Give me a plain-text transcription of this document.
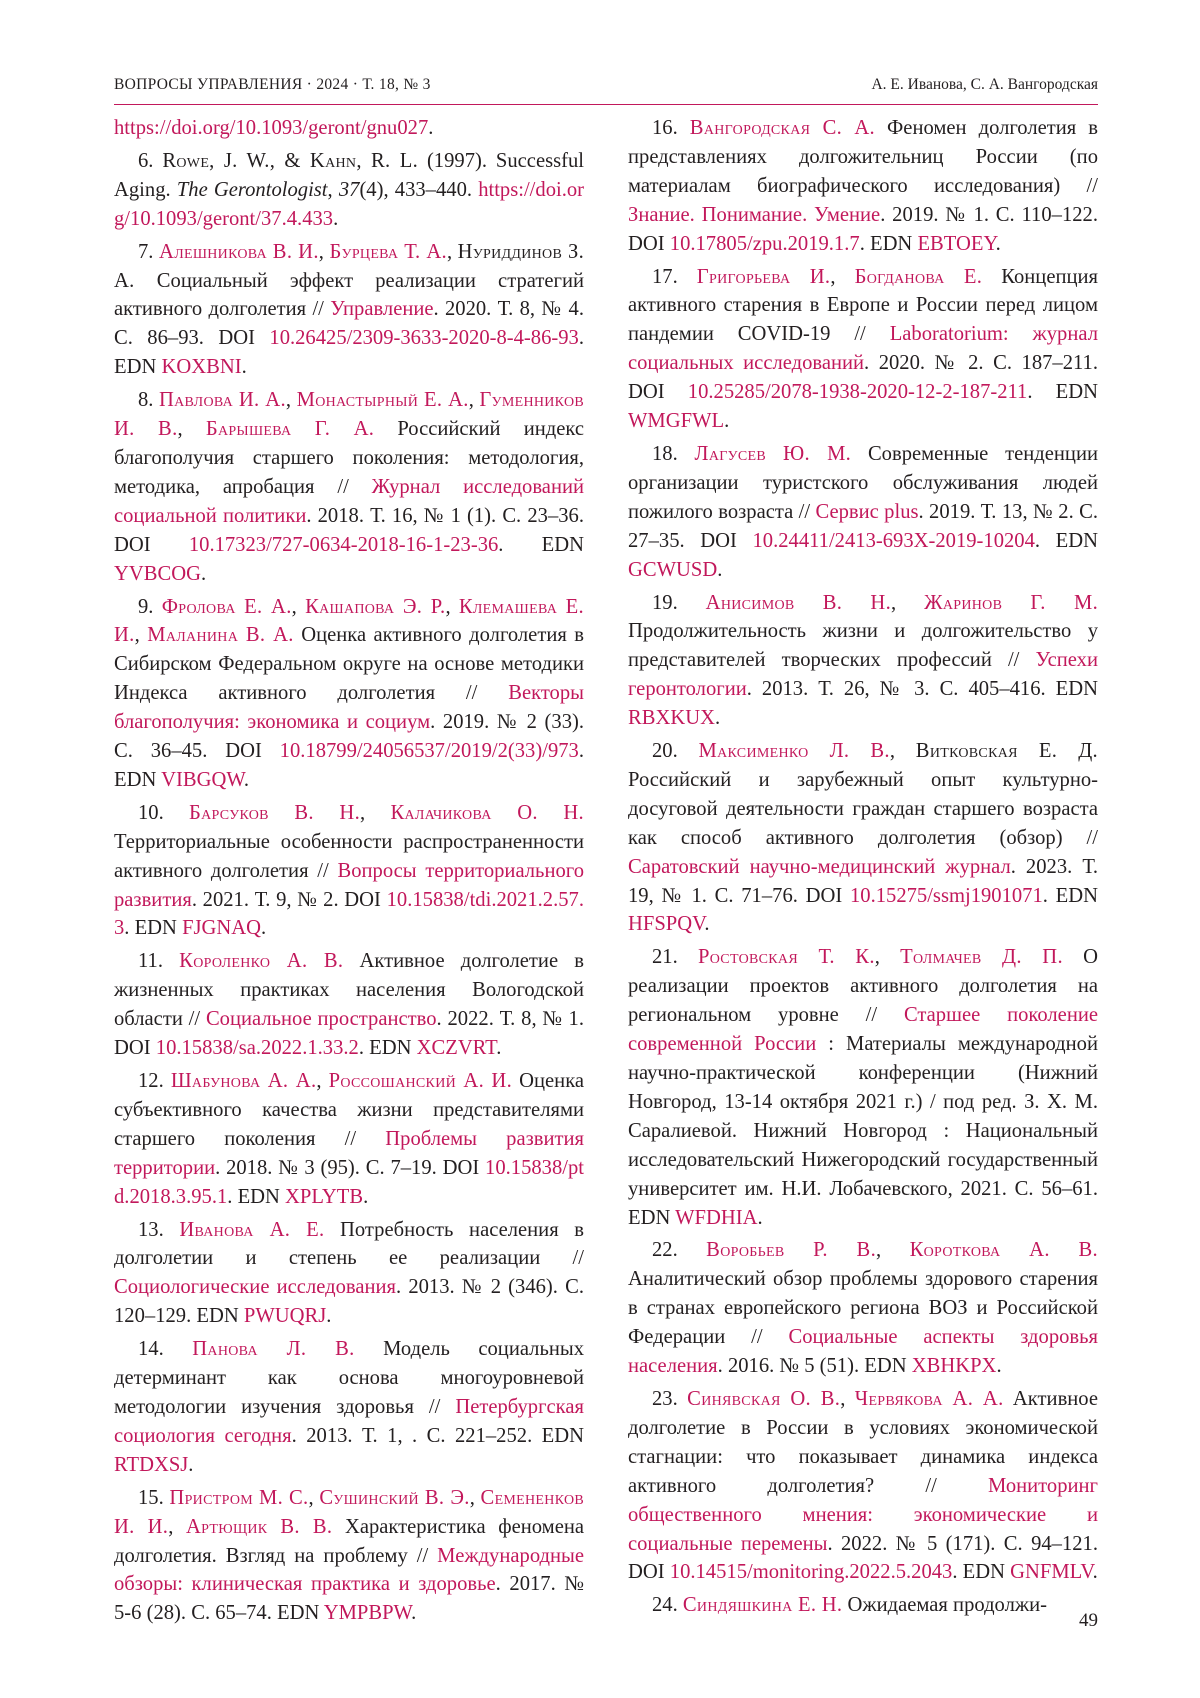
ВОПРОСЫ УПРАВЛЕНИЯ · 2024 · Т. 18, № 3	А. Е. Иванова, С. А. Вангородская

https://doi.org/10.1093/geront/gnu027.

6. Rowe, J. W., & Kahn, R. L. (1997). Successful Aging. The Gerontologist, 37(4), 433–440. https://doi.org/10.1093/geront/37.4.433.

7. Алешникова В. И., Бурцева Т. А., Нуриддинов З. А. Социальный эффект реализации стратегий активного долголетия // Управление. 2020. Т. 8, № 4. С. 86–93. DOI 10.26425/2309-3633-2020-8-4-86-93. EDN KOXBNI.

8. Павлова И. А., Монастырный Е. А., Гуменников И. В., Барышева Г. А. Российский индекс благополучия старшего поколения: методология, методика, апробация // Журнал исследований социальной политики. 2018. Т. 16, № 1 (1). С. 23–36. DOI 10.17323/727-0634-2018-16-1-23-36. EDN YVBCOG.

9. Фролова Е. А., Кашапова Э. Р., Клемашева Е. И., Маланина В. А. Оценка активного долголетия в Сибирском Федеральном округе на основе методики Индекса активного долголетия // Векторы благополучия: экономика и социум. 2019. № 2 (33). С. 36–45. DOI 10.18799/24056537/2019/2(33)/973. EDN VIBGQW.

10. Барсуков В. Н., Калачикова О. Н. Территориальные особенности распространенности активного долголетия // Вопросы территориального развития. 2021. Т. 9, № 2. DOI 10.15838/tdi.2021.2.57.3. EDN FJGNAQ.

11. Короленко А. В. Активное долголетие в жизненных практиках населения Вологодской области // Социальное пространство. 2022. Т. 8, № 1. DOI 10.15838/sa.2022.1.33.2. EDN XCZVRT.

12. Шабунова А. А., Россошанский А. И. Оценка субъективного качества жизни представителями старшего поколения // Проблемы развития территории. 2018. № 3 (95). С. 7–19. DOI 10.15838/ptd.2018.3.95.1. EDN XPLYTB.

13. Иванова А. Е. Потребность населения в долголетии и степень ее реализации // Социологические исследования. 2013. № 2 (346). С. 120–129. EDN PWUQRJ.

14. Панова Л. В. Модель социальных детерминант как основа многоуровневой методологии изучения здоровья // Петербургская социология сегодня. 2013. Т. 1, . С. 221–252. EDN RTDXSJ.

15. Пристром М. С., Сушинский В. Э., Семененков И. И., Артющик В. В. Характеристика феномена долголетия. Взгляд на проблему // Международные обзоры: клиническая практика и здоровье. 2017. № 5-6 (28). С. 65–74. EDN YMPBPW.

16. Вангородская С. А. Феномен долголетия в представлениях долгожительниц России (по материалам биографического исследования) // Знание. Понимание. Умение. 2019. № 1. С. 110–122. DOI 10.17805/zpu.2019.1.7. EDN EBTOEY.

17. Григорьева И., Богданова Е. Концепция активного старения в Европе и России перед лицом пандемии COVID-19 // Laboratorium: журнал социальных исследований. 2020. № 2. С. 187–211. DOI 10.25285/2078-1938-2020-12-2-187-211. EDN WMGFWL.

18. Лагусев Ю. М. Современные тенденции организации туристского обслуживания людей пожилого возраста // Сервис plus. 2019. Т. 13, № 2. С. 27–35. DOI 10.24411/2413-693X-2019-10204. EDN GCWUSD.

19. Анисимов В. Н., Жаринов Г. М. Продолжительность жизни и долгожительство у представителей творческих профессий // Успехи геронтологии. 2013. Т. 26, № 3. С. 405–416. EDN RBXKUX.

20. Максименко Л. В., Витковская Е. Д. Российский и зарубежный опыт культурно-досуговой деятельности граждан старшего возраста как способ активного долголетия (обзор) // Саратовский научно-медицинский журнал. 2023. Т. 19, № 1. С. 71–76. DOI 10.15275/ssmj1901071. EDN HFSPQV.

21. Ростовская Т. К., Толмачев Д. П. О реализации проектов активного долголетия на региональном уровне // Старшее поколение современной России : Материалы международной научно-практической конференции (Нижний Новгород, 13-14 октября 2021 г.) / под ред. З. Х. М. Саралиевой. Нижний Новгород : Национальный исследовательский Нижегородский государственный университет им. Н.И. Лобачевского, 2021. С. 56–61. EDN WFDHIA.

22. Воробьев Р. В., Короткова А. В. Аналитический обзор проблемы здорового старения в странах европейского региона ВОЗ и Российской Федерации // Социальные аспекты здоровья населения. 2016. № 5 (51). EDN XBHKPX.

23. Синявская О. В., Червякова А. А. Активное долголетие в России в условиях экономической стагнации: что показывает динамика индекса активного долголетия? // Мониторинг общественного мнения: экономические и социальные перемены. 2022. № 5 (171). С. 94–121. DOI 10.14515/monitoring.2022.5.2043. EDN GNFMLV.

24. Синдяшкина Е. Н. Ожидаемая продолжи-

49
